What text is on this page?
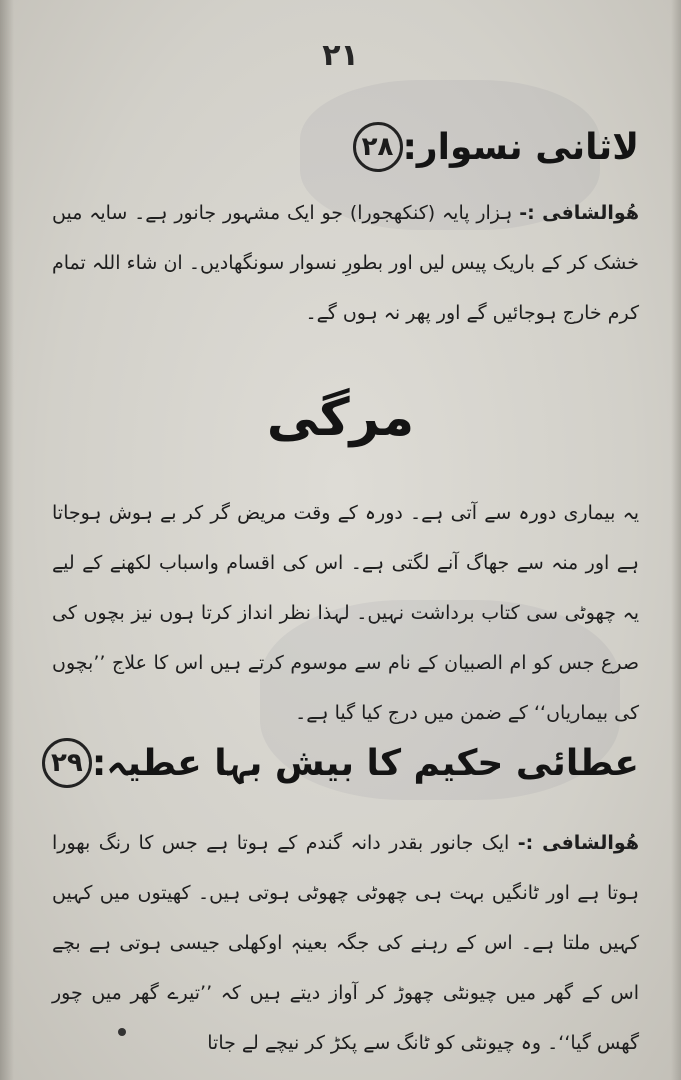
۲۱
۲۸ لاثانی نسوار:
ھُوالشافی :- ہزار پایہ (کنکھجورا) جو ایک مشہور جانور ہے۔ سایہ میں خشک کر کے باریک پیس لیں اور بطورِ نسوار سونگھادیں۔ ان شاء اللہ تمام کرم خارج ہوجائیں گے اور پھر نہ ہوں گے۔
مرگی
یہ بیماری دورہ سے آتی ہے۔ دورہ کے وقت مریض گر کر بے ہوش ہوجاتا ہے اور منہ سے جھاگ آنے لگتی ہے۔ اس کی اقسام واسباب لکھنے کے لیے یہ چھوٹی سی کتاب برداشت نہیں۔ لہذا نظر انداز کرتا ہوں نیز بچوں کی صرع جس کو ام الصبیان کے نام سے موسوم کرتے ہیں اس کا علاج ’’بچوں کی بیماریاں‘‘ کے ضمن میں درج کیا گیا ہے۔
۲۹ عطائی حکیم کا بیش بہا عطیہ:
ھُوالشافی :- ایک جانور بقدر دانہ گندم کے ہوتا ہے جس کا رنگ بھورا ہوتا ہے اور ٹانگیں بہت ہی چھوٹی چھوٹی ہوتی ہیں۔ کھیتوں میں کہیں کہیں ملتا ہے۔ اس کے رہنے کی جگہ بعینہٖ اوکھلی جیسی ہوتی ہے بچے اس کے گھر میں چیونٹی چھوڑ کر آواز دیتے ہیں کہ ’’تیرے گھر میں چور گھس گیا‘‘۔ وہ چیونٹی کو ٹانگ سے پکڑ کر نیچے لے جاتا
